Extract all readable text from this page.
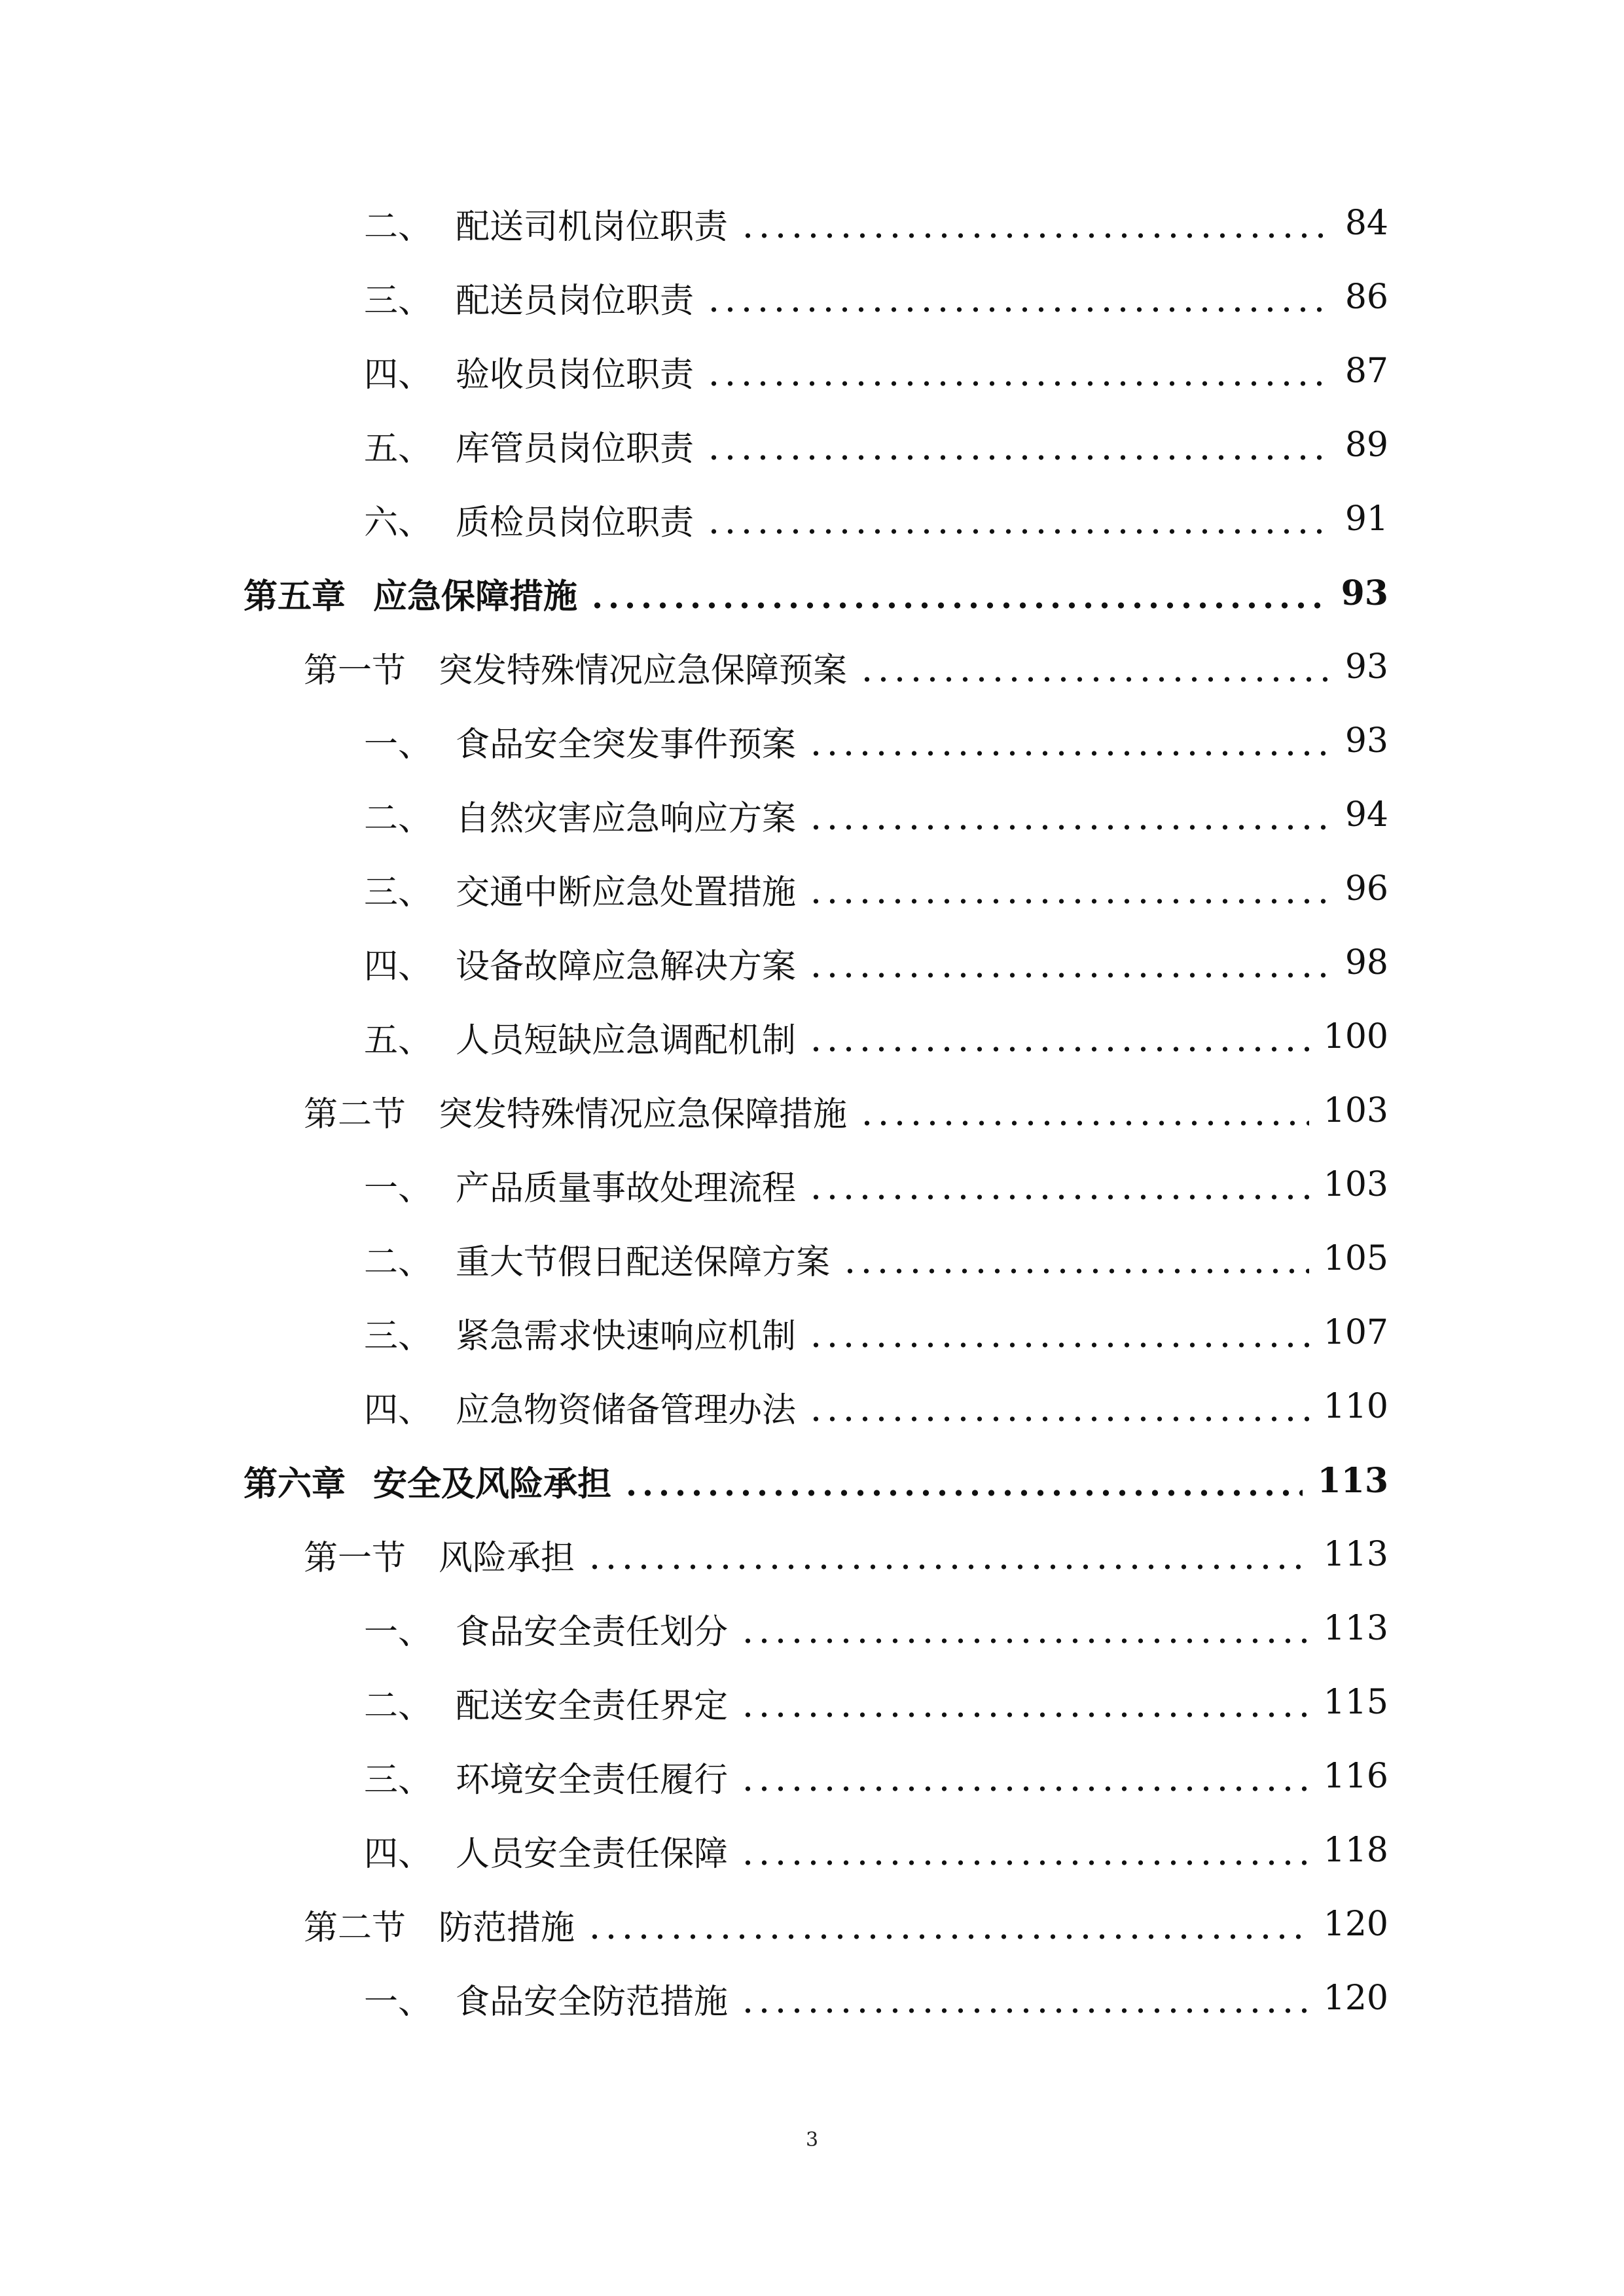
二、 配送司机岗位职责	84
三、 配送员岗位职责	86
四、 验收员岗位职责	87
五、 库管员岗位职责	89
六、 质检员岗位职责	91
第五章 应急保障措施	93
第一节 突发特殊情况应急保障预案	93
一、 食品安全突发事件预案	93
二、 自然灾害应急响应方案	94
三、 交通中断应急处置措施	96
四、 设备故障应急解决方案	98
五、 人员短缺应急调配机制	100
第二节 突发特殊情况应急保障措施	103
一、 产品质量事故处理流程	103
二、 重大节假日配送保障方案	105
三、 紧急需求快速响应机制	107
四、 应急物资储备管理办法	110
第六章 安全及风险承担	113
第一节 风险承担	113
一、 食品安全责任划分	113
二、 配送安全责任界定	115
三、 环境安全责任履行	116
四、 人员安全责任保障	118
第二节 防范措施	120
一、 食品安全防范措施	120
3
